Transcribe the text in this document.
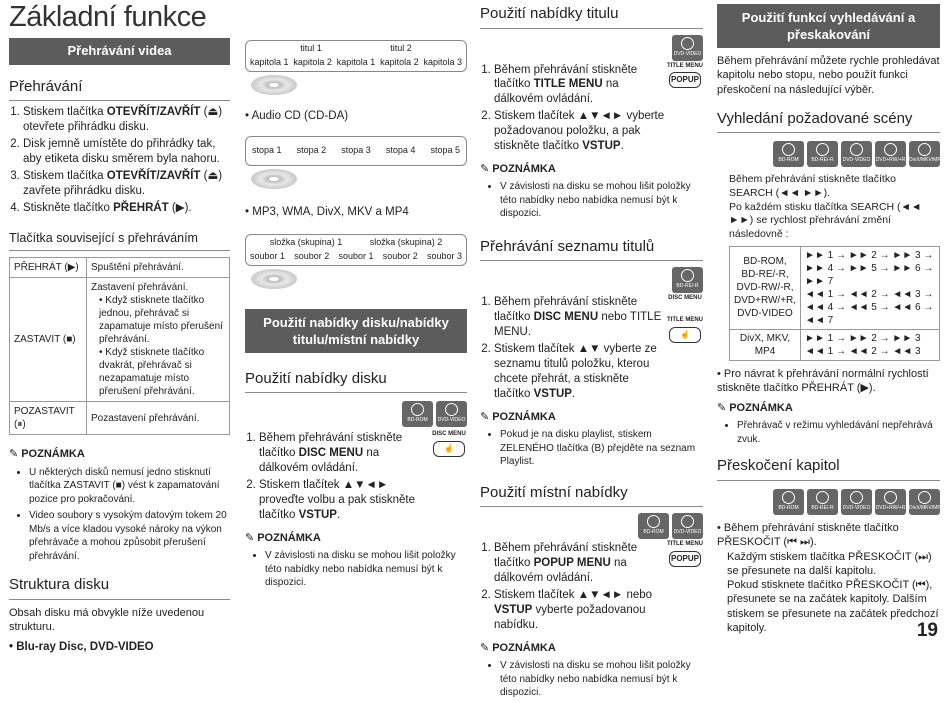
Základní funkce
Přehrávání videa
Přehrávání
1. Stiskem tlačítka OTEVŘÍT/ZAVŘÍT (⏏) otevřete přihrádku disku.
2. Disk jemně umístěte do přihrádky tak, aby etiketa disku směrem byla nahoru.
3. Stiskem tlačítka OTEVŘÍT/ZAVŘÍT (⏏) zavřete přihrádku disku.
4. Stiskněte tlačítko PŘEHRÁT (▶).
Tlačítka související s přehráváním
PŘEHRÁT (▶)	Spuštění přehrávání.
ZASTAVIT (■)	Zastavení přehrávání.
• Když stisknete tlačítko jednou, přehrávač si zapamatuje místo přerušení přehrávání.
• Když stisknete tlačítko dvakrát, přehrávač si nezapamatuje místo přerušení přehrávání.

POZASTAVIT (⏸)	Pozastavení přehrávání.
✎ POZNÁMKA
• U některých disků nemusí jedno stisknutí tlačítka ZASTAVIT (■) vést k zapamatování pozice pro pokračování.
• Video soubory s vysokým datovým tokem 20 Mb/s a více kladou vysoké nároky na výkon přehrávače a mohou způsobit přerušení přehrávání.
Struktura disku
Obsah disku má obvykle níže uvedenou strukturu.
• Blu-ray Disc, DVD-VIDEO
titul 1	titul 2
kapitola 1 kapitola 2 kapitola 1 kapitola 2 kapitola 3
• Audio CD (CD-DA)
stopa 1 stopa 2 stopa 3 stopa 4 stopa 5
• MP3, WMA, DivX, MKV a MP4
složka (skupina) 1	složka (skupina) 2
soubor 1 soubor 2 soubor 1 soubor 2 soubor 3
Použití nabídky disku/nabídky titulu/místní nabídky
Použití nabídky disku
BD-ROM	DVD-VIDEO
1. Během přehrávání stiskněte tlačítko DISC MENU na dálkovém ovládání.
2. Stiskem tlačítek ▲▼◄► proveďte volbu a pak stiskněte tlačítko VSTUP.
DISC MENU
☝
✎ POZNÁMKA
• V závislosti na disku se mohou lišit položky této nabídky nebo nabídka nemusí být k dispozici.
Použití nabídky titulu
DVD-VIDEO
1. Během přehrávání stiskněte tlačítko TITLE MENU na dálkovém ovládání.
2. Stiskem tlačítek ▲▼◄► vyberte požadovanou položku, a pak stiskněte tlačítko VSTUP.
TITLE MENU
POPUP
✎ POZNÁMKA
• V závislosti na disku se mohou lišit položky této nabídky nebo nabídka nemusí být k dispozici.
Přehrávání seznamu titulů
BD-RE/-R
1. Během přehrávání stiskněte tlačítko DISC MENU nebo TITLE MENU.
2. Stiskem tlačítek ▲▼ vyberte ze seznamu titulů položku, kterou chcete přehrát, a stiskněte tlačítko VSTUP.
DISC MENU
TITLE MENU
☝
✎ POZNÁMKA
• Pokud je na disku playlist, stiskem ZELENÉHO tlačítka (B) přejděte na seznam Playlist.
Použití místní nabídky
BD-ROM	DVD-VIDEO
1. Během přehrávání stiskněte tlačítko POPUP MENU na dálkovém ovládání.
2. Stiskem tlačítek ▲▼◄► nebo VSTUP vyberte požadovanou nabídku.
TITLE MENU
POPUP
✎ POZNÁMKA
• V závislosti na disku se mohou lišit položky této nabídky nebo nabídka nemusí být k dispozici.
Použití funkcí vyhledávání a přeskakování
Během přehrávání můžete rychle prohledávat kapitolu nebo stopu, nebo použít funkci přeskočení na následující výběr.
Vyhledání požadované scény
BD-ROM	BD-RE/-R	DVD-VIDEO	DVD+RW/+R DivX/MKV/MP4
Během přehrávání stiskněte tlačítko SEARCH (◄◄ ►►).
Po každém stisku tlačítka SEARCH (◄◄ ►►) se rychlost přehrávání změní následovně :
BD-ROM, BD-RE/-R, DVD-RW/-R, DVD+RW/+R, DVD-VIDEO	►► 1 → ►► 2 → ►► 3 → ►► 4 → ►► 5 → ►► 6 → ►► 7
◄◄ 1 → ◄◄ 2 → ◄◄ 3 → ◄◄ 4 → ◄◄ 5 → ◄◄ 6 → ◄◄ 7

DivX, MKV, MP4	►► 1 → ►► 2 → ►► 3
◄◄ 1 → ◄◄ 2 → ◄◄ 3
• Pro návrat k přehrávání normální rychlostí stiskněte tlačítko PŘEHRÁT (▶).
✎ POZNÁMKA
• Přehrávač v režimu vyhledávání nepřehrává zvuk.
Přeskočení kapitol
BD-ROM	BD-RE/-R	DVD-VIDEO	DVD+RW/+R DivX/MKV/MP4
• Během přehrávání stiskněte tlačítko PŘESKOČIT (⏮ ⏭).
Každým stiskem tlačítka PŘESKOČIT (⏭) se přesunete na další kapitolu.
Pokud stisknete tlačítko PŘESKOČIT (⏮), přesunete se na začátek kapitoly. Dalším stiskem se přesunete na začátek předchozí kapitoly.	19
